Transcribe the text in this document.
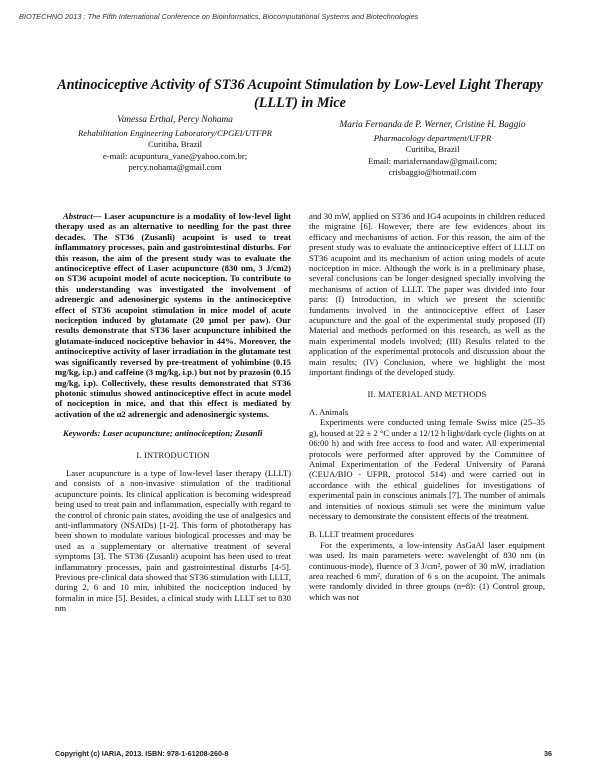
BIOTECHNO 2013 : The Fifth International Conference on Bioinformatics, Biocomputational Systems and Biotechnologies
Antinociceptive Activity of ST36 Acupoint Stimulation by Low-Level Light Therapy
(LLLT) in Mice
Vanessa Erthal, Percy Nohama
Rehabilitation Engineering Laboratory/CPGEI/UTFPR
Curitiba, Brazil
e-mail: acupuntura_vane@yahoo.com.br;
percy.nohama@gmail.com
Maria Fernanda de P. Werner, Cristine H. Baggio
Pharmacology department/UFPR
Curitiba, Brazil
Email: mariafernandaw@gmail.com;
crisbaggio@hotmail.com

Abstract— Laser acupuncture is a modality of low-level light therapy used as an alternative to needling for the past three decades. The ST36 (Zusanli) acupoint is used to treat inflammatory processes, pain and gastrointestinal disturbs. For this reason, the aim of the present study was to evaluate the antinociceptive effect of Laser acupuncture (830 nm, 3 J/cm2) on ST36 acupoint model of acute nociception. To contribute to this understanding was investigated the involvement of adrenergic and adenosinergic systems in the antinociceptive effect of ST36 acupoint stimulation in mice model of acute nociception induced by glutamate (20 µmol per paw). Our results demonstrate that ST36 laser acupuncture inhibited the glutamate-induced nociceptive behavior in 44%. Moreover, the antinociceptive activity of laser irradiation in the glutamate test was significantly reversed by pre-treatment of yohimbine (0.15 mg/kg, i.p.) and caffeine (3 mg/kg, i.p.) but not by prazosin (0.15 mg/kg, i.p). Collectively, these results demonstrated that ST36 photonic stimulus showed antinociceptive effect in acute model of nociception in mice, and that this effect is mediated by activation of the α2 adrenergic and adenosinergic systems.

Keywords: Laser acupuncture; antinociception; Zusanli

I. INTRODUCTION

Laser acupuncture is a type of low-level laser therapy (LLLT) and consists of a non-invasive stimulation of the traditional acupuncture points. Its clinical application is becoming widespread being used to treat pain and inflammation, especially with regard to the control of chronic pain states, avoiding the use of analgesics and anti-inflammatory (NSAIDs) [1-2]. This form of phototherapy has been shown to modulate various biological processes and may be used as a supplementary or alternative treatment of several symptoms [3]. The ST36 (Zusanli) acupoint has been used to treat inflammatory processes, pain and gastrointestinal disturbs [4-5]. Previous pre-clinical data showed that ST36 stimulation with LLLT, during 2, 6 and 10 min, inhibited the nociception induced by formalin in mice [5]. Besides, a clinical study with LLLT set to 830 nm

and 30 mW, applied on ST36 and IG4 acupoints in children reduced the migraine [6]. However, there are few evidences about its efficacy and mechanisms of action. For this reason, the aim of the present study was to evaluate the antinociceptive effect of LLLT on ST36 acupoint and its mechanism of action using models of acute nociception in mice. Although the work is in a preliminary phase, several conclusions can be longer designed specially involving the mechanisms of action of LLLT. The paper was divided into four parts: (I) Introduction, in which we present the scientific fundaments involved in the antinociceptive effect of Laser acupuncture and the goal of the experimental study proposed (II) Material and methods performed on this research, as well as the main experimental models involved; (III) Results related to the application of the experimental protocols and discussion about the main results; (IV) Conclusion, where we highlight the most important findings of the developed study.

II. MATERIAL AND METHODS

A. Animals

Experiments were conducted using female Swiss mice (25–35 g), housed at 22 ± 2 °C under a 12/12 h light/dark cycle (lights on at 06:00 h) and with free access to food and water. All experimental protocols were performed after approved by the Committee of Animal Experimentation of the Federal University of Paraná (CEUA/BIO - UFPR, protocol 514) and were carried out in accordance with the ethical guidelines for investigations of experimental pain in conscious animals [7]. The number of animals and intensities of noxious stimuli set were the minimum value necessary to demonstrate the consistent effects of the treatment.

B. LLLT treatment procedures

For the experiments, a low-intensity AsGaAl laser equipment was used. Its main parameters were: wavelenght of 830 nm (in continuous-mode), fluence of 3 J/cm², power of 30 mW, irradiation area reached 6 mm², duration of 6 s on the acupoint. The animals were randomly divided in three groups (n=8): (1) Control group, which was not

Copyright (c) IARIA, 2013. ISBN: 978-1-61208-260-8	36
